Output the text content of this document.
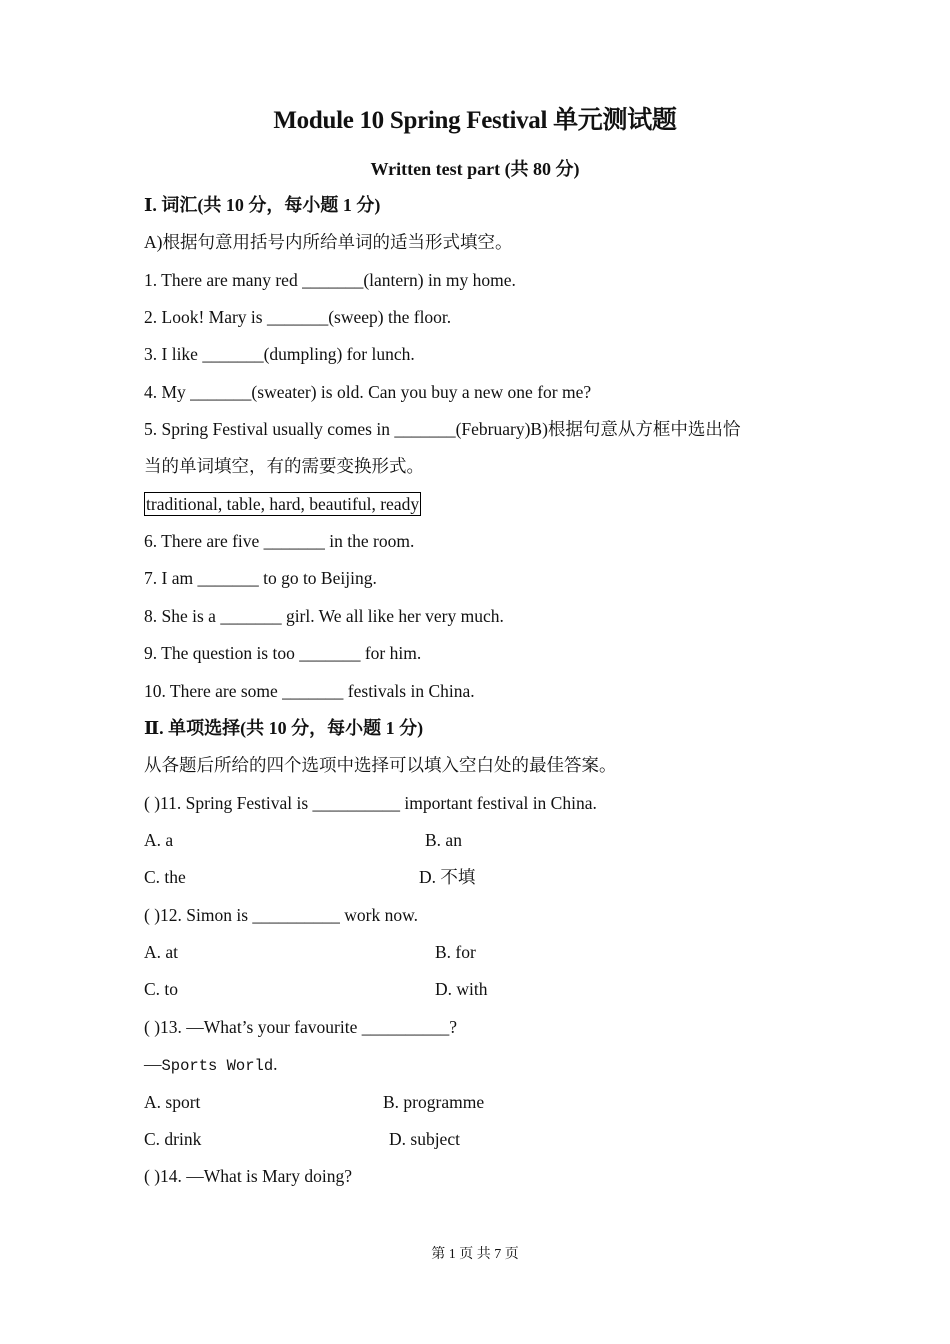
Module 10 Spring Festival 单元测试题
Written test part (共 80 分)
Ⅰ. 词汇(共 10 分，每小题 1 分)
A)根据句意用括号内所给单词的适当形式填空。
1. There are many red _______(lantern) in my home.
2. Look! Mary is _______(sweep) the floor.
3. I like _______(dumpling) for lunch.
4. My _______(sweater) is old. Can you buy a new one for me?
5. Spring Festival usually comes in _______(February)B)根据句意从方框中选出恰
当的单词填空，有的需要变换形式。
traditional, table, hard, beautiful, ready
6. There are five _______ in the room.
7. I am _______ to go to Beijing.
8. She is a _______ girl. We all like her very much.
9. The question is too _______ for him.
10. There are some _______ festivals in China.
Ⅱ. 单项选择(共 10 分，每小题 1 分)
从各题后所给的四个选项中选择可以填入空白处的最佳答案。
( )11. Spring Festival is __________ important festival in China.
A. a	B. an
C. the	D. 不填
( )12. Simon is __________ work now.
A. at	B. for
C. to	D. with
( )13. —What’s your favourite __________?
—Sports World.
A. sport	B. programme
C. drink	D. subject
( )14. —What is Mary doing?
第 1 页 共 7 页
